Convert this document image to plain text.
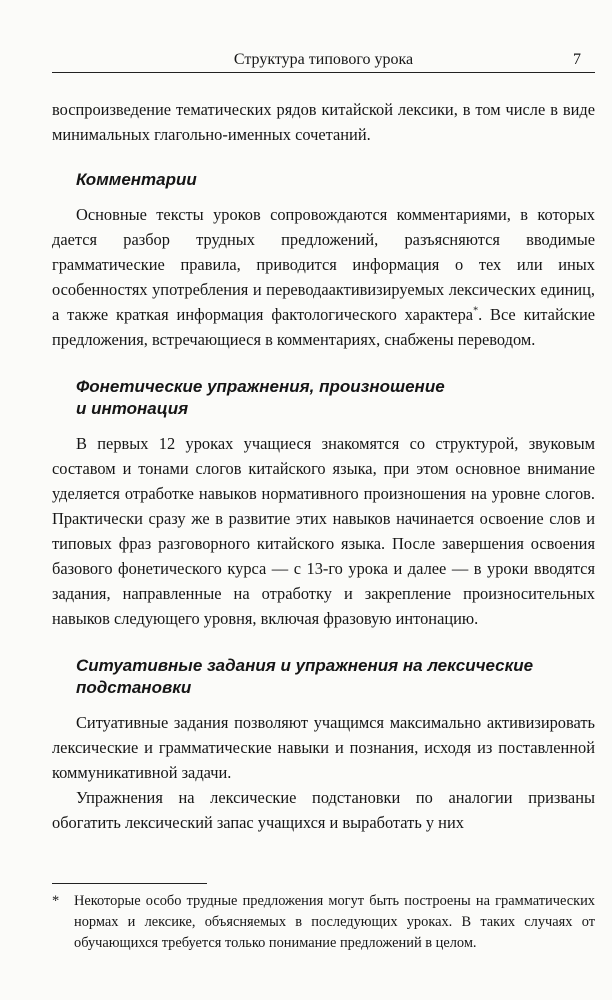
Структура типового урока	7

воспроизведение тематических рядов китайской лексики, в том числе в виде минимальных глагольно-именных сочетаний.

Комментарии

Основные тексты уроков сопровождаются комментариями, в которых дается разбор трудных предложений, разъясняются вводимые грамматические правила, приводится информация о тех или иных особенностях употребления и переводаактивизируемых лексических единиц, а также краткая информация фактологического характера*. Все китайские предложения, встречающиеся в комментариях, снабжены переводом.

Фонетические упражнения, произношение
и интонация

В первых 12 уроках учащиеся знакомятся со структурой, звуковым составом и тонами слогов китайского языка, при этом основное внимание уделяется отработке навыков нормативного произношения на уровне слогов. Практически сразу же в развитие этих навыков начинается освоение слов и типовых фраз разговорного китайского языка. После завершения освоения базового фонетического курса — с 13-го урока и далее — в уроки вводятся задания, направленные на отработку и закрепление произносительных навыков следующего уровня, включая фразовую интонацию.

Ситуативные задания и упражнения на лексические
подстановки

Ситуативные задания позволяют учащимся максимально активизировать лексические и грамматические навыки и познания, исходя из поставленной коммуникативной задачи.

Упражнения на лексические подстановки по аналогии призваны обогатить лексический запас учащихся и выработать у них

*	Некоторые особо трудные предложения могут быть построены на грамматических нормах и лексике, объясняемых в последующих уроках. В таких случаях от обучающихся требуется только понимание предложений в целом.
